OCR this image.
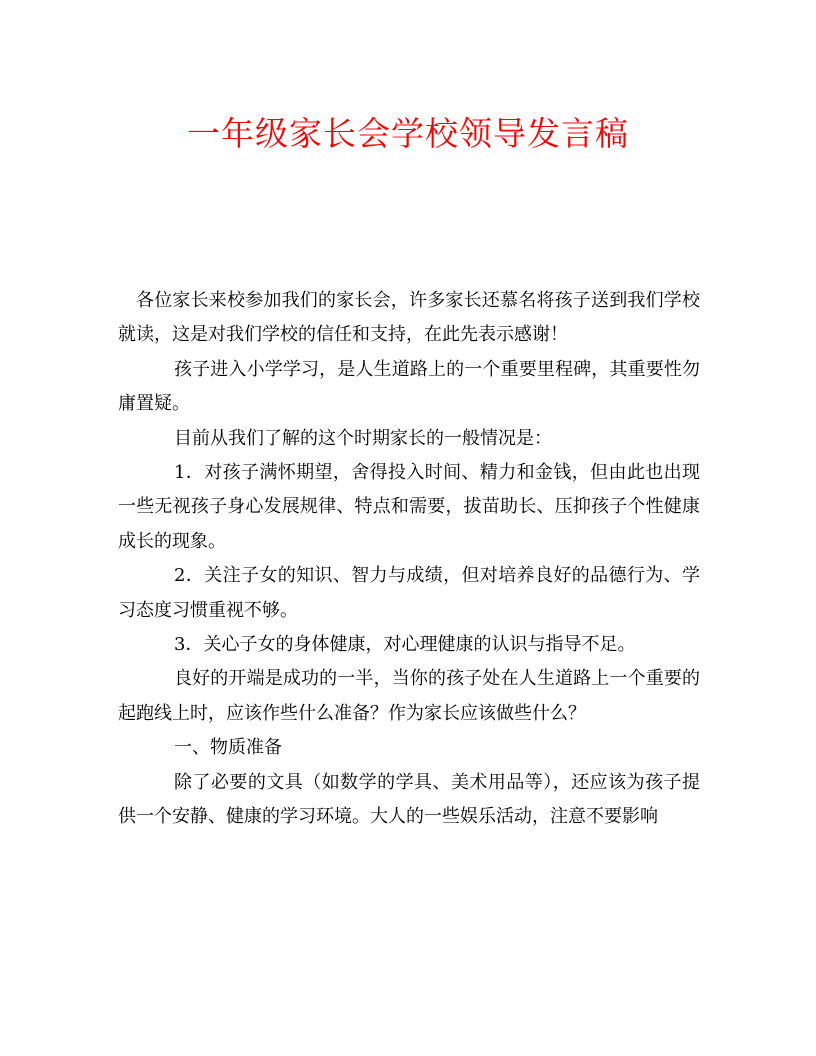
一年级家长会学校领导发言稿

各位家长来校参加我们的家长会，许多家长还慕名将孩子送到我们学校就读，这是对我们学校的信任和支持，在此先表示感谢！

孩子进入小学学习，是人生道路上的一个重要里程碑，其重要性勿庸置疑。

目前从我们了解的这个时期家长的一般情况是：

1．对孩子满怀期望，舍得投入时间、精力和金钱，但由此也出现一些无视孩子身心发展规律、特点和需要，拔苗助长、压抑孩子个性健康成长的现象。

2．关注子女的知识、智力与成绩，但对培养良好的品德行为、学习态度习惯重视不够。

3．关心子女的身体健康，对心理健康的认识与指导不足。

良好的开端是成功的一半，当你的孩子处在人生道路上一个重要的起跑线上时，应该作些什么准备？作为家长应该做些什么？

一、物质准备

除了必要的文具（如数学的学具、美术用品等），还应该为孩子提供一个安静、健康的学习环境。大人的一些娱乐活动，注意不要影响
